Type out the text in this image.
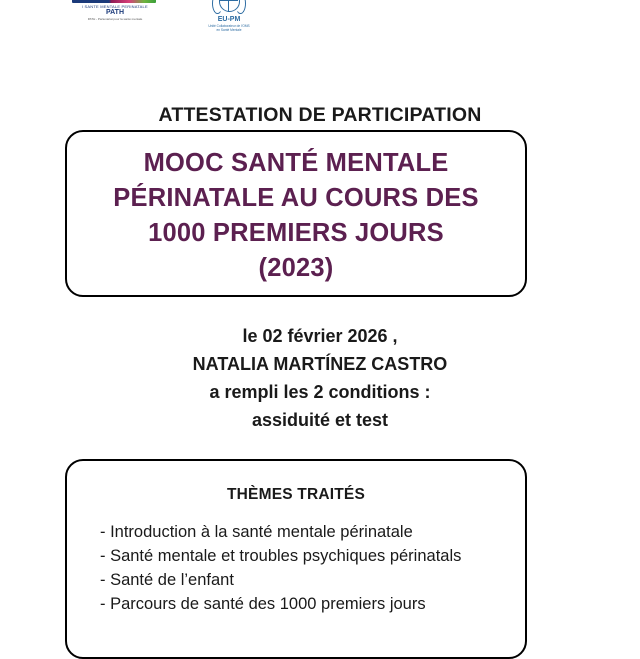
l SANTE MENTALE PERINATALE
PATH
PATH - Partenariat pour la santé mentale	EU-PM
Unité Collaborateur de l'OMS
en Santé Mentale
ATTESTATION DE PARTICIPATION
MOOC SANTÉ MENTALE
PÉRINATALE AU COURS DES
1000 PREMIERS JOURS
(2023)
le 02 février 2026 ,
NATALIA MARTÍNEZ CASTRO
a rempli les 2 conditions :
assiduité et test
THÈMES TRAITÉS
- Introduction à la santé mentale périnatale
- Santé mentale et troubles psychiques périnatals
- Santé de l’enfant
- Parcours de santé des 1000 premiers jours
